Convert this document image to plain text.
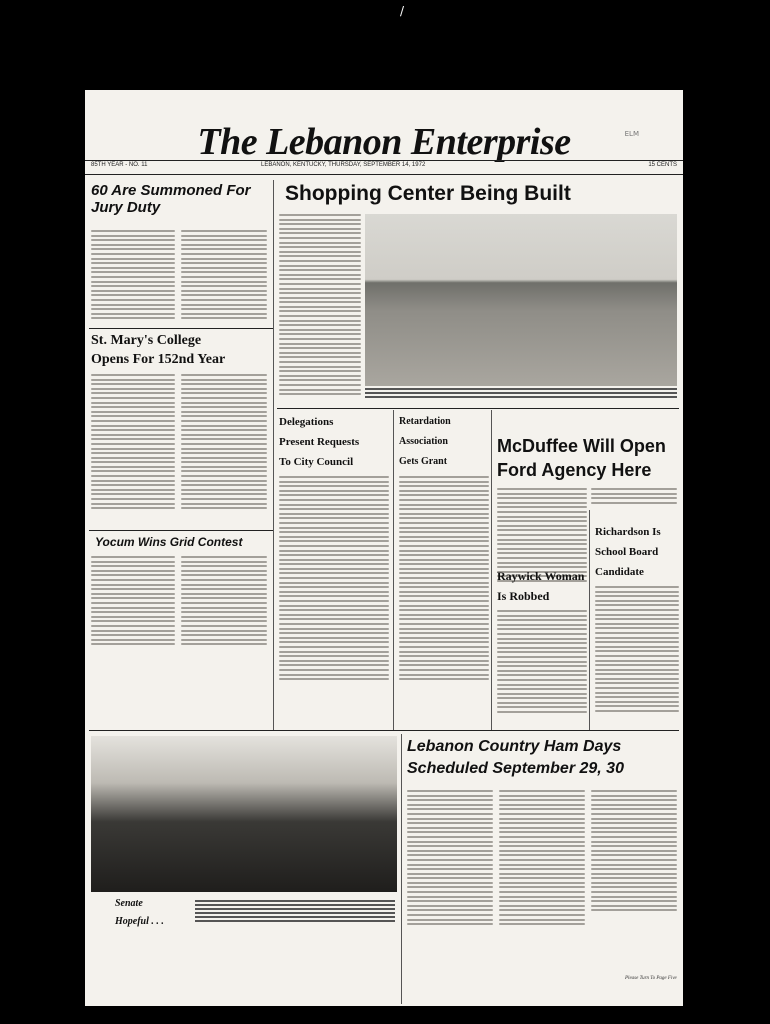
/
The Lebanon Enterprise	ELM
85TH YEAR - NO. 11	LEBANON, KENTUCKY, THURSDAY, SEPTEMBER 14, 1972	15 CENTS
60 Are Summoned For Jury Duty
St. Mary's College
Opens For 152nd Year
Yocum Wins Grid Contest
Shopping Center Being Built
Delegations
Present Requests
To City Council
Retardation
Association
Gets Grant
McDuffee Will Open
Ford Agency Here
Raywick Woman
Is Robbed
Richardson Is
School Board
Candidate
Senate
Hopeful . . .
Lebanon Country Ham Days
Scheduled September 29, 30
Please Turn To Page Five
